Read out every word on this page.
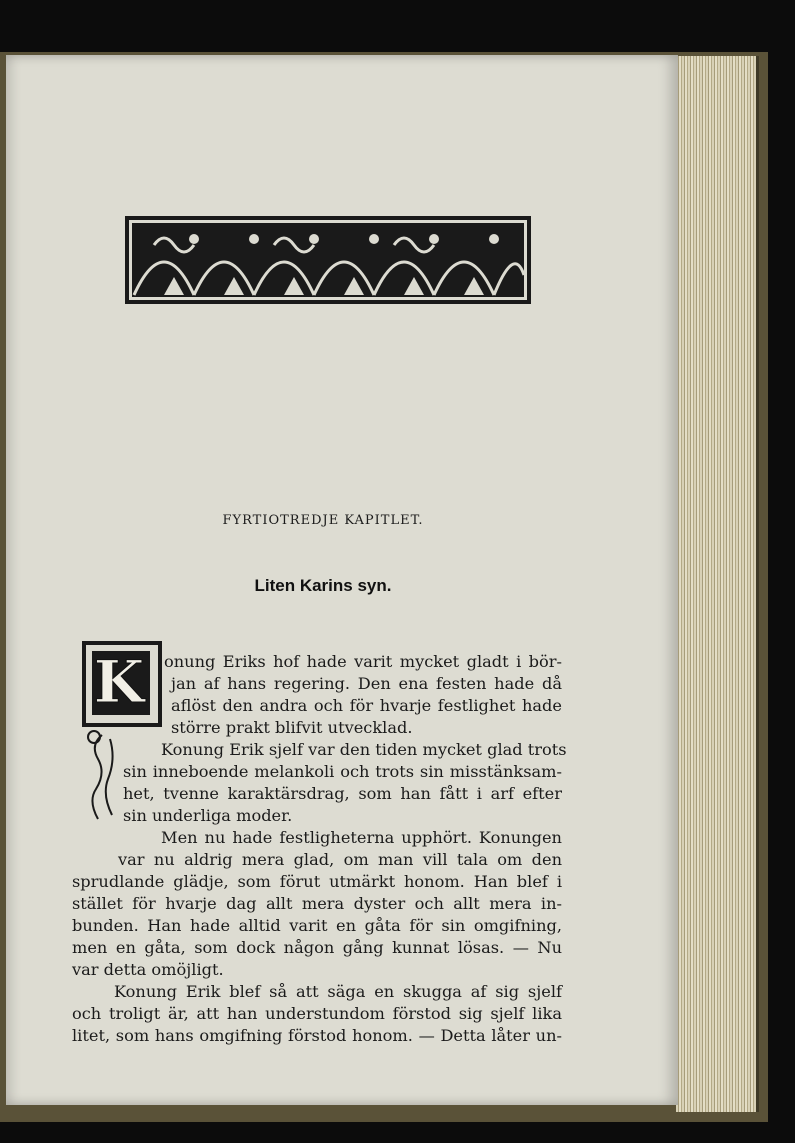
FYRTIOTREDJE KAPITLET.
Liten Karins syn.
K onung Eriks hof hade varit mycket gladt i bör-
jan af hans regering. Den ena festen hade då
aflöst den andra och för hvarje festlighet hade
större prakt blifvit utvecklad.
Konung Erik sjelf var den tiden mycket glad trots
sin inneboende melankoli och trots sin misstänksam-
het, tvenne karaktärsdrag, som han fått i arf efter
sin underliga moder.
Men nu hade festligheterna upphört. Konungen
var nu aldrig mera glad, om man vill tala om den
sprudlande glädje, som förut utmärkt honom. Han blef i
stället för hvarje dag allt mera dyster och allt mera in-
bunden. Han hade alltid varit en gåta för sin omgifning,
men en gåta, som dock någon gång kunnat lösas. — Nu
var detta omöjligt.
Konung Erik blef så att säga en skugga af sig sjelf
och troligt är, att han understundom förstod sig sjelf lika
litet, som hans omgifning förstod honom. — Detta låter un-
